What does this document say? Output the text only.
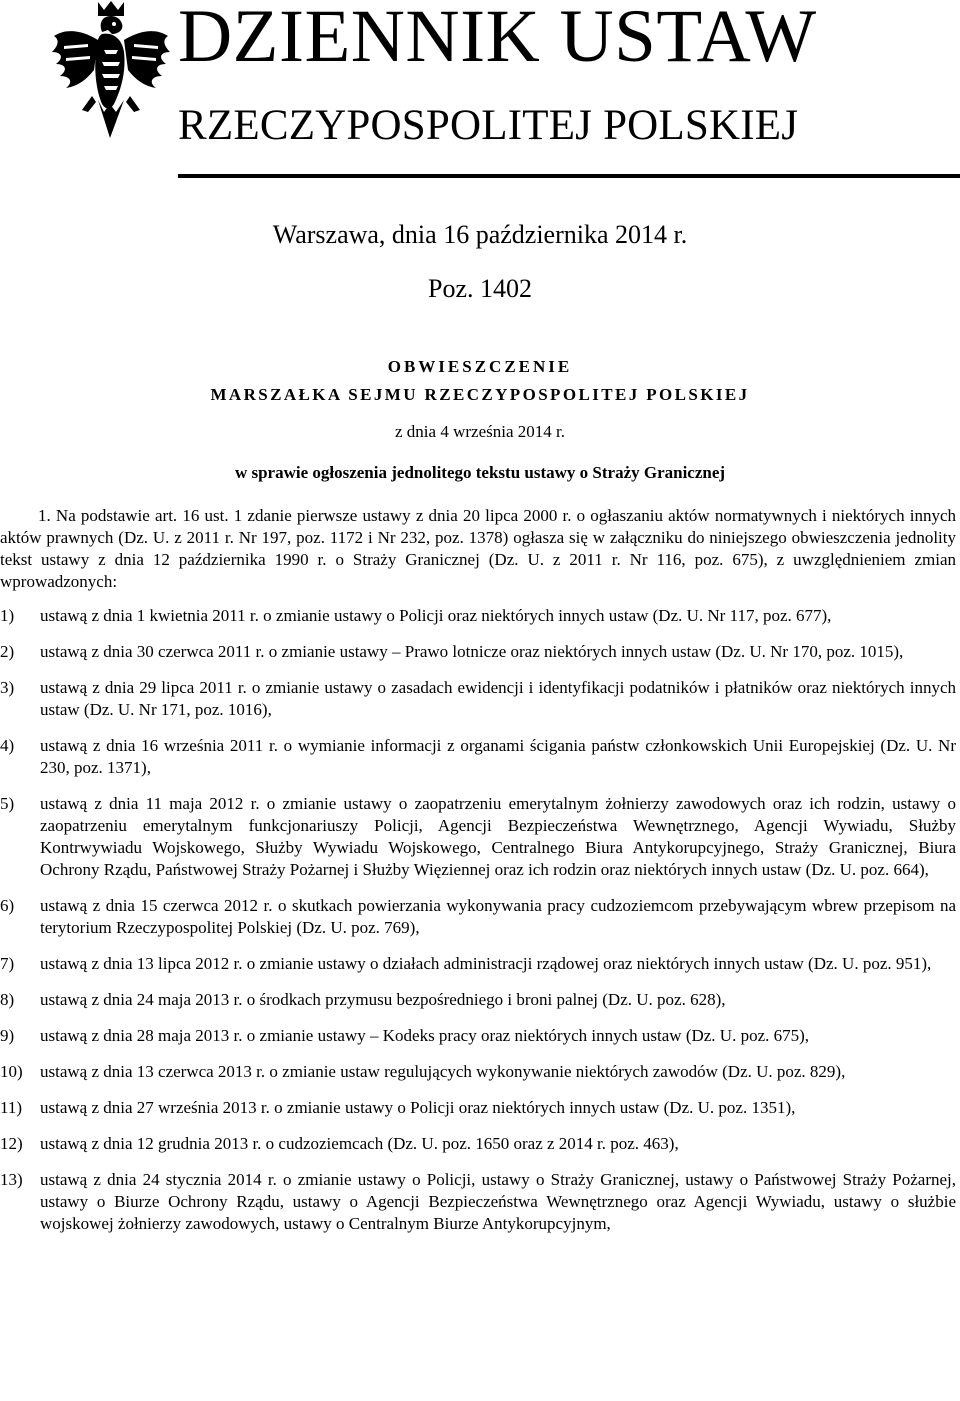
DZIENNIK USTAW
RZECZYPOSPOLITEJ POLSKIEJ
Warszawa, dnia 16 października 2014 r.
Poz. 1402
OBWIESZCZENIE
MARSZAŁKA SEJMU RZECZYPOSPOLITEJ POLSKIEJ
z dnia 4 września 2014 r.
w sprawie ogłoszenia jednolitego tekstu ustawy o Straży Granicznej

1. Na podstawie art. 16 ust. 1 zdanie pierwsze ustawy z dnia 20 lipca 2000 r. o ogłaszaniu aktów normatywnych i niektórych innych aktów prawnych (Dz. U. z 2011 r. Nr 197, poz. 1172 i Nr 232, poz. 1378) ogłasza się w załączniku do niniejszego obwieszczenia jednolity tekst ustawy z dnia 12 października 1990 r. o Straży Granicznej (Dz. U. z 2011 r. Nr 116, poz. 675), z uwzględnieniem zmian wprowadzonych:

1)	ustawą z dnia 1 kwietnia 2011 r. o zmianie ustawy o Policji oraz niektórych innych ustaw (Dz. U. Nr 117, poz. 677),
2)	ustawą z dnia 30 czerwca 2011 r. o zmianie ustawy – Prawo lotnicze oraz niektórych innych ustaw (Dz. U. Nr 170, poz. 1015),
3)	ustawą z dnia 29 lipca 2011 r. o zmianie ustawy o zasadach ewidencji i identyfikacji podatników i płatników oraz niektórych innych ustaw (Dz. U. Nr 171, poz. 1016),
4)	ustawą z dnia 16 września 2011 r. o wymianie informacji z organami ścigania państw członkowskich Unii Europejskiej (Dz. U. Nr 230, poz. 1371),
5)	ustawą z dnia 11 maja 2012 r. o zmianie ustawy o zaopatrzeniu emerytalnym żołnierzy zawodowych oraz ich rodzin, ustawy o zaopatrzeniu emerytalnym funkcjonariuszy Policji, Agencji Bezpieczeństwa Wewnętrznego, Agencji Wywiadu, Służby Kontrwywiadu Wojskowego, Służby Wywiadu Wojskowego, Centralnego Biura Antykorupcyjnego, Straży Granicznej, Biura Ochrony Rządu, Państwowej Straży Pożarnej i Służby Więziennej oraz ich rodzin oraz niektórych innych ustaw (Dz. U. poz. 664),
6)	ustawą z dnia 15 czerwca 2012 r. o skutkach powierzania wykonywania pracy cudzoziemcom przebywającym wbrew przepisom na terytorium Rzeczypospolitej Polskiej (Dz. U. poz. 769),
7)	ustawą z dnia 13 lipca 2012 r. o zmianie ustawy o działach administracji rządowej oraz niektórych innych ustaw (Dz. U. poz. 951),
8)	ustawą z dnia 24 maja 2013 r. o środkach przymusu bezpośredniego i broni palnej (Dz. U. poz. 628),
9)	ustawą z dnia 28 maja 2013 r. o zmianie ustawy – Kodeks pracy oraz niektórych innych ustaw (Dz. U. poz. 675),
10)	ustawą z dnia 13 czerwca 2013 r. o zmianie ustaw regulujących wykonywanie niektórych zawodów (Dz. U. poz. 829),
11)	ustawą z dnia 27 września 2013 r. o zmianie ustawy o Policji oraz niektórych innych ustaw (Dz. U. poz. 1351),
12)	ustawą z dnia 12 grudnia 2013 r. o cudzoziemcach (Dz. U. poz. 1650 oraz z 2014 r. poz. 463),
13)	ustawą z dnia 24 stycznia 2014 r. o zmianie ustawy o Policji, ustawy o Straży Granicznej, ustawy o Państwowej Straży Pożarnej, ustawy o Biurze Ochrony Rządu, ustawy o Agencji Bezpieczeństwa Wewnętrznego oraz Agencji Wywiadu, ustawy o służbie wojskowej żołnierzy zawodowych, ustawy o Centralnym Biurze Antykorupcyjnym,
